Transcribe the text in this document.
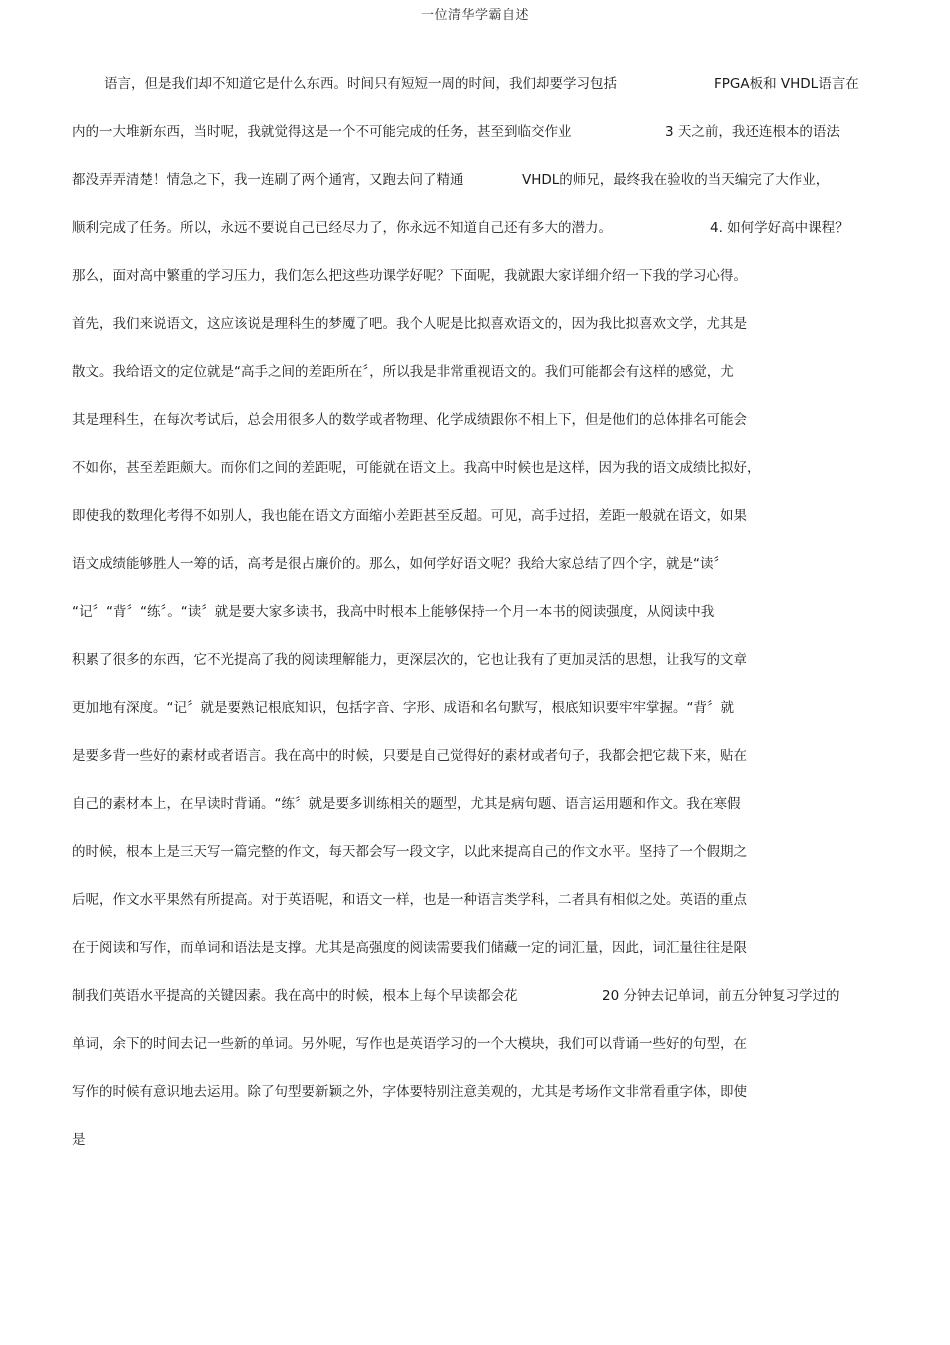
一位清华学霸自述
语言，但是我们却不知道它是什么东西。时间只有短短一周的时间，我们却要学习包括	FPGA板和 VHDL语言在
内的一大堆新东西，当时呢，我就觉得这是一个不可能完成的任务，甚至到临交作业	3 天之前，我还连根本的语法
都没弄弄清楚！情急之下，我一连刷了两个通宵，又跑去问了精通	VHDL的师兄，最终我在验收的当天编完了大作业，
顺利完成了任务。所以，永远不要说自己已经尽力了，你永远不知道自己还有多大的潜力。	4. 如何学好高中课程？
那么，面对高中繁重的学习压力，我们怎么把这些功课学好呢？下面呢，我就跟大家详细介绍一下我的学习心得。
首先，我们来说语文，这应该说是理科生的梦魇了吧。我个人呢是比拟喜欢语文的，因为我比拟喜欢文学，尤其是
散文。我给语文的定位就是“高手之间的差距所在〞，所以我是非常重视语文的。我们可能都会有这样的感觉，尤
其是理科生，在每次考试后，总会用很多人的数学或者物理、化学成绩跟你不相上下，但是他们的总体排名可能会
不如你，甚至差距颇大。而你们之间的差距呢，可能就在语文上。我高中时候也是这样，因为我的语文成绩比拟好，
即使我的数理化考得不如别人，我也能在语文方面缩小差距甚至反超。可见，高手过招，差距一般就在语文，如果
语文成绩能够胜人一筹的话，高考是很占廉价的。那么，如何学好语文呢？我给大家总结了四个字，就是“读〞
“记〞“背〞“练〞。“读〞就是要大家多读书，我高中时根本上能够保持一个月一本书的阅读强度，从阅读中我
积累了很多的东西，它不光提高了我的阅读理解能力，更深层次的，它也让我有了更加灵活的思想，让我写的文章
更加地有深度。“记〞就是要熟记根底知识，包括字音、字形、成语和名句默写，根底知识要牢牢掌握。“背〞就
是要多背一些好的素材或者语言。我在高中的时候，只要是自己觉得好的素材或者句子，我都会把它裁下来，贴在
自己的素材本上，在早读时背诵。“练〞就是要多训练相关的题型，尤其是病句题、语言运用题和作文。我在寒假
的时候，根本上是三天写一篇完整的作文，每天都会写一段文字，以此来提高自己的作文水平。坚持了一个假期之
后呢，作文水平果然有所提高。对于英语呢，和语文一样，也是一种语言类学科，二者具有相似之处。英语的重点
在于阅读和写作，而单词和语法是支撑。尤其是高强度的阅读需要我们储藏一定的词汇量，因此，词汇量往往是限
制我们英语水平提高的关键因素。我在高中的时候，根本上每个早读都会花	20 分钟去记单词，前五分钟复习学过的
单词，余下的时间去记一些新的单词。另外呢，写作也是英语学习的一个大模块，我们可以背诵一些好的句型，在
写作的时候有意识地去运用。除了句型要新颖之外，字体要特别注意美观的，尤其是考场作文非常看重字体，即使
是
